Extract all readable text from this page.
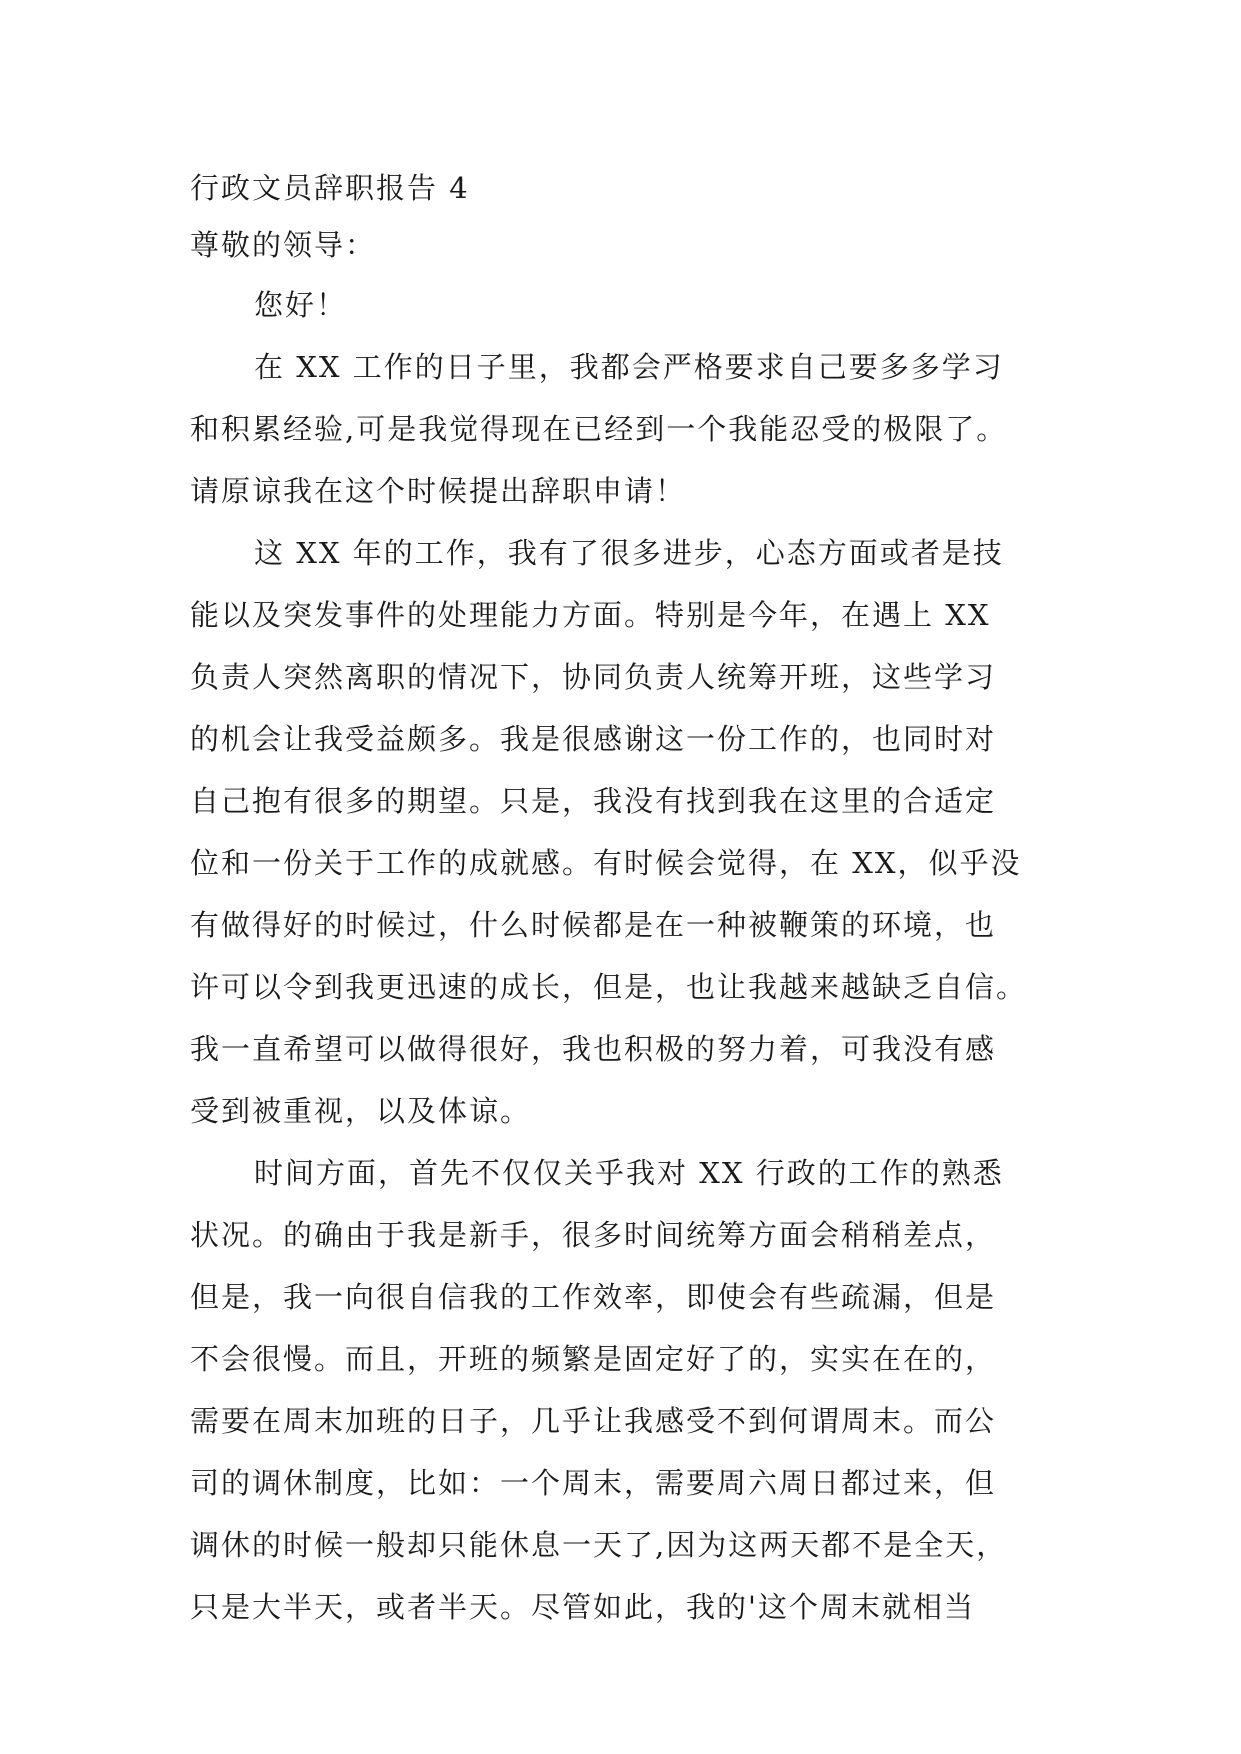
行政文员辞职报告 4
尊敬的领导：
您好！
在 XX 工作的日子里，我都会严格要求自己要多多学习
和积累经验,可是我觉得现在已经到一个我能忍受的极限了。
请原谅我在这个时候提出辞职申请！
这 XX 年的工作，我有了很多进步，心态方面或者是技
能以及突发事件的处理能力方面。特别是今年，在遇上 XX
负责人突然离职的情况下，协同负责人统筹开班，这些学习
的机会让我受益颇多。我是很感谢这一份工作的，也同时对
自己抱有很多的期望。只是，我没有找到我在这里的合适定
位和一份关于工作的成就感。有时候会觉得，在 XX，似乎没
有做得好的时候过，什么时候都是在一种被鞭策的环境，也
许可以令到我更迅速的成长，但是，也让我越来越缺乏自信。
我一直希望可以做得很好，我也积极的努力着，可我没有感
受到被重视，以及体谅。
时间方面，首先不仅仅关乎我对 XX 行政的工作的熟悉
状况。的确由于我是新手，很多时间统筹方面会稍稍差点，
但是，我一向很自信我的工作效率，即使会有些疏漏，但是
不会很慢。而且，开班的频繁是固定好了的，实实在在的，
需要在周末加班的日子，几乎让我感受不到何谓周末。而公
司的调休制度，比如：一个周末，需要周六周日都过来，但
调休的时候一般却只能休息一天了,因为这两天都不是全天，
只是大半天，或者半天。尽管如此，我的'这个周末就相当
